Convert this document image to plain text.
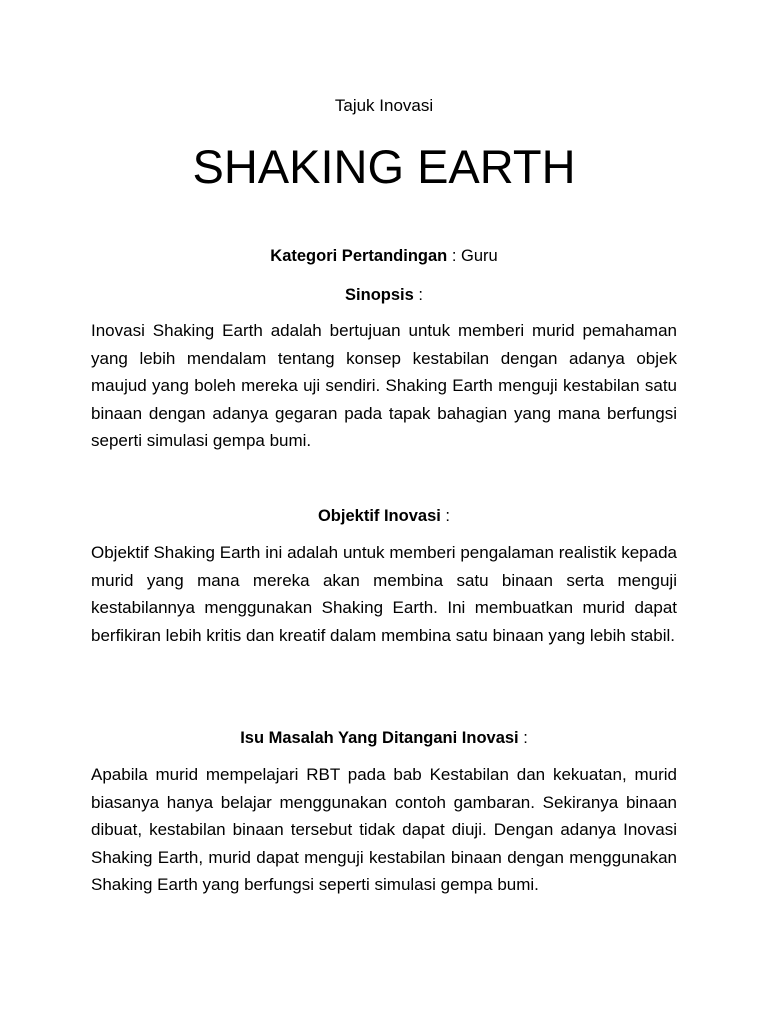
Tajuk Inovasi
SHAKING EARTH
Kategori Pertandingan : Guru
Sinopsis :
Inovasi Shaking Earth adalah bertujuan untuk memberi murid pemahaman yang lebih mendalam tentang konsep kestabilan dengan adanya objek maujud yang boleh mereka uji sendiri. Shaking Earth menguji kestabilan satu binaan dengan adanya gegaran pada tapak bahagian yang mana berfungsi seperti simulasi gempa bumi.
Objektif Inovasi :
Objektif Shaking Earth ini adalah untuk memberi pengalaman realistik kepada murid yang mana mereka akan membina satu binaan serta menguji kestabilannya menggunakan Shaking Earth. Ini membuatkan murid dapat berfikiran lebih kritis dan kreatif dalam membina satu binaan yang lebih stabil.
Isu Masalah Yang Ditangani Inovasi :
Apabila murid mempelajari RBT pada bab Kestabilan dan kekuatan, murid biasanya hanya belajar menggunakan contoh gambaran. Sekiranya binaan dibuat, kestabilan binaan tersebut tidak dapat diuji. Dengan adanya Inovasi Shaking Earth, murid dapat menguji kestabilan binaan dengan menggunakan Shaking Earth yang berfungsi seperti simulasi gempa bumi.
